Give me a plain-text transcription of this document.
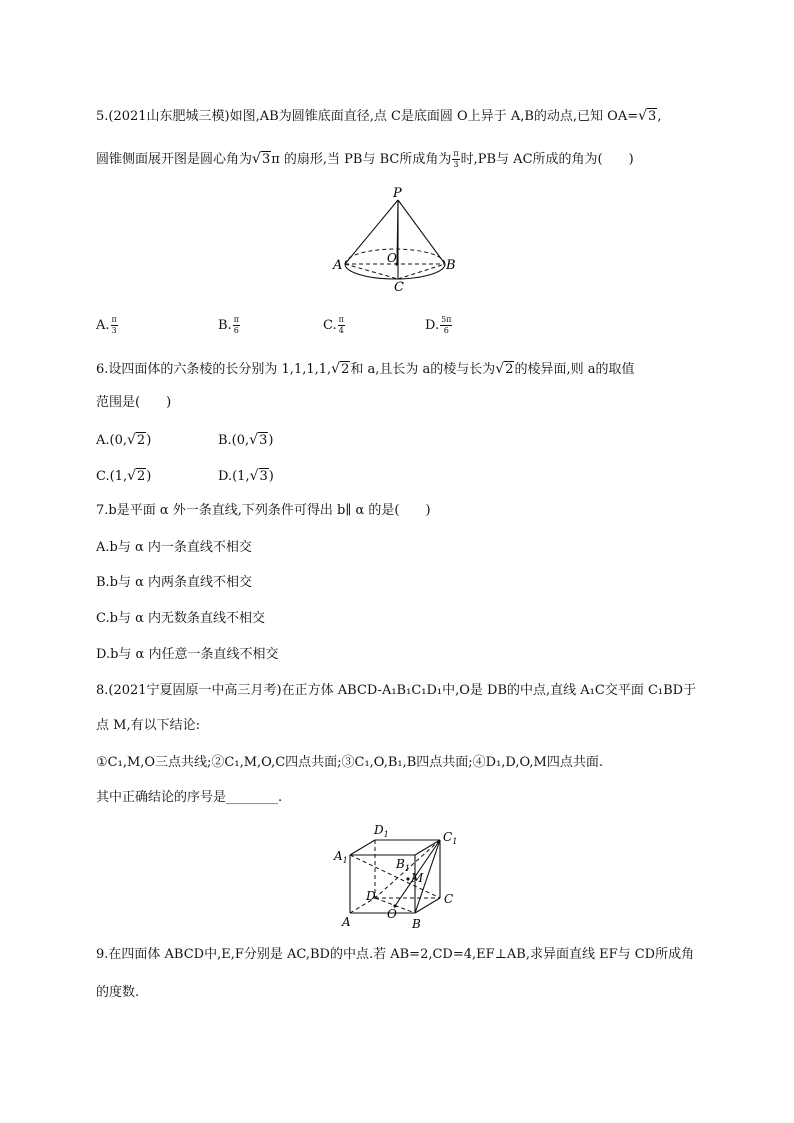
5.(2021山东肥城三模)如图,AB为圆锥底面直径,点 C是底面圆 O上异于 A,B的动点,已知 OA=√3,
圆锥侧面展开图是圆心角为√3π 的扇形,当 PB与 BC所成角为 $\frac{\pi}{3}$ 时,PB与 AC所成的角为(　　)
P
A	O	B
C
A. $\frac{\pi}{3}$	B. $\frac{\pi}{6}$	C. $\frac{\pi}{4}$	D. $\frac{5\pi}{6}$
6.设四面体的六条棱的长分别为 1,1,1,1,√2和 a,且长为 a的棱与长为√2的棱异面,则 a的取值
范围是(　　)
A.(0,√2)	B.(0,√3)
C.(1,√2)	D.(1,√3)
7.b是平面 α 外一条直线,下列条件可得出 b∥ α 的是(　　)
A.b与 α 内一条直线不相交
B.b与 α 内两条直线不相交
C.b与 α 内无数条直线不相交
D.b与 α 内任意一条直线不相交
8.(2021宁夏固原一中高三月考)在正方体 ABCD-A₁B₁C₁D₁中,O是 DB的中点,直线 A₁C交平面 C₁BD于
点 M,有以下结论:
①C₁,M,O三点共线;②C₁,M,O,C四点共面;③C₁,O,B₁,B四点共面;④D₁,D,O,M四点共面.
其中正确结论的序号是________.
$D_1$	$C_1$
$A_1$	$B_1$
M
D	C
O
A	B
9.在四面体 ABCD中,E,F分别是 AC,BD的中点.若 AB=2,CD=4,EF⊥AB,求异面直线 EF与 CD所成角
的度数.
